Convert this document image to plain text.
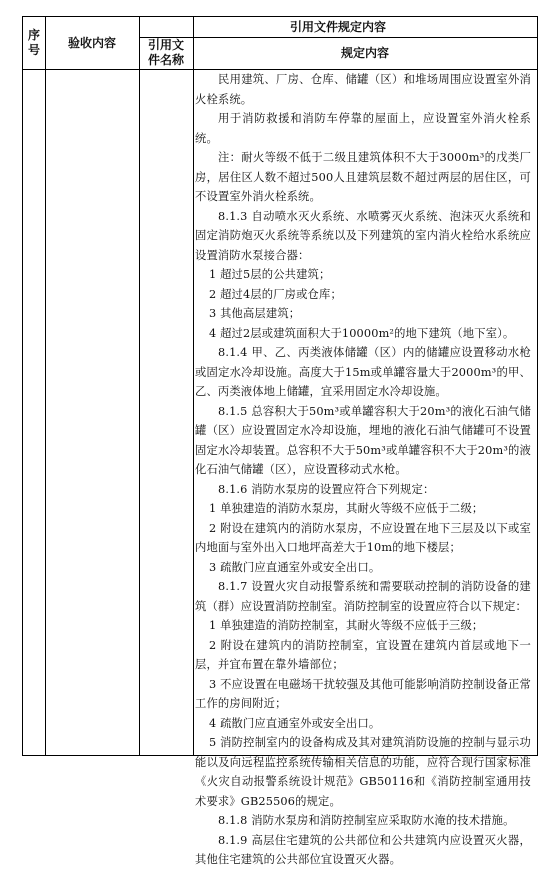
序号
验收内容
引用文件规定内容
引用文件名称
规定内容

民用建筑、厂房、仓库、储罐（区）和堆场周围应设置室外消火栓系统。

用于消防救援和消防车停靠的屋面上，应设置室外消火栓系统。

注：耐火等级不低于二级且建筑体积不大于3000m³的戊类厂房，居住区人数不超过500人且建筑层数不超过两层的居住区，可不设置室外消火栓系统。

8.1.3 自动喷水灭火系统、水喷雾灭火系统、泡沫灭火系统和固定消防炮灭火系统等系统以及下列建筑的室内消火栓给水系统应设置消防水泵接合器：

1 超过5层的公共建筑；

2 超过4层的厂房或仓库；

3 其他高层建筑；

4 超过2层或建筑面积大于10000m²的地下建筑（地下室）。

8.1.4 甲、乙、丙类液体储罐（区）内的储罐应设置移动水枪或固定水冷却设施。高度大于15m或单罐容量大于2000m³的甲、乙、丙类液体地上储罐，宜采用固定水冷却设施。

8.1.5 总容积大于50m³或单罐容积大于20m³的液化石油气储罐（区）应设置固定水冷却设施，埋地的液化石油气储罐可不设置固定水冷却装置。总容积不大于50m³或单罐容积不大于20m³的液化石油气储罐（区），应设置移动式水枪。

8.1.6 消防水泵房的设置应符合下列规定：

1 单独建造的消防水泵房，其耐火等级不应低于二级；

2 附设在建筑内的消防水泵房，不应设置在地下三层及以下或室内地面与室外出入口地坪高差大于10m的地下楼层；

3 疏散门应直通室外或安全出口。

8.1.7 设置火灾自动报警系统和需要联动控制的消防设备的建筑（群）应设置消防控制室。消防控制室的设置应符合以下规定：

1 单独建造的消防控制室，其耐火等级不应低于三级；

2 附设在建筑内的消防控制室，宜设置在建筑内首层或地下一层，并宜布置在靠外墙部位；

3 不应设置在电磁场干扰较强及其他可能影响消防控制设备正常工作的房间附近；

4 疏散门应直通室外或安全出口。

5 消防控制室内的设备构成及其对建筑消防设施的控制与显示功能以及向远程监控系统传输相关信息的功能，应符合现行国家标准《火灾自动报警系统设计规范》GB50116和《消防控制室通用技术要求》GB25506的规定。

8.1.8 消防水泵房和消防控制室应采取防水淹的技术措施。

8.1.9 高层住宅建筑的公共部位和公共建筑内应设置灭火器，其他住宅建筑的公共部位宜设置灭火器。
